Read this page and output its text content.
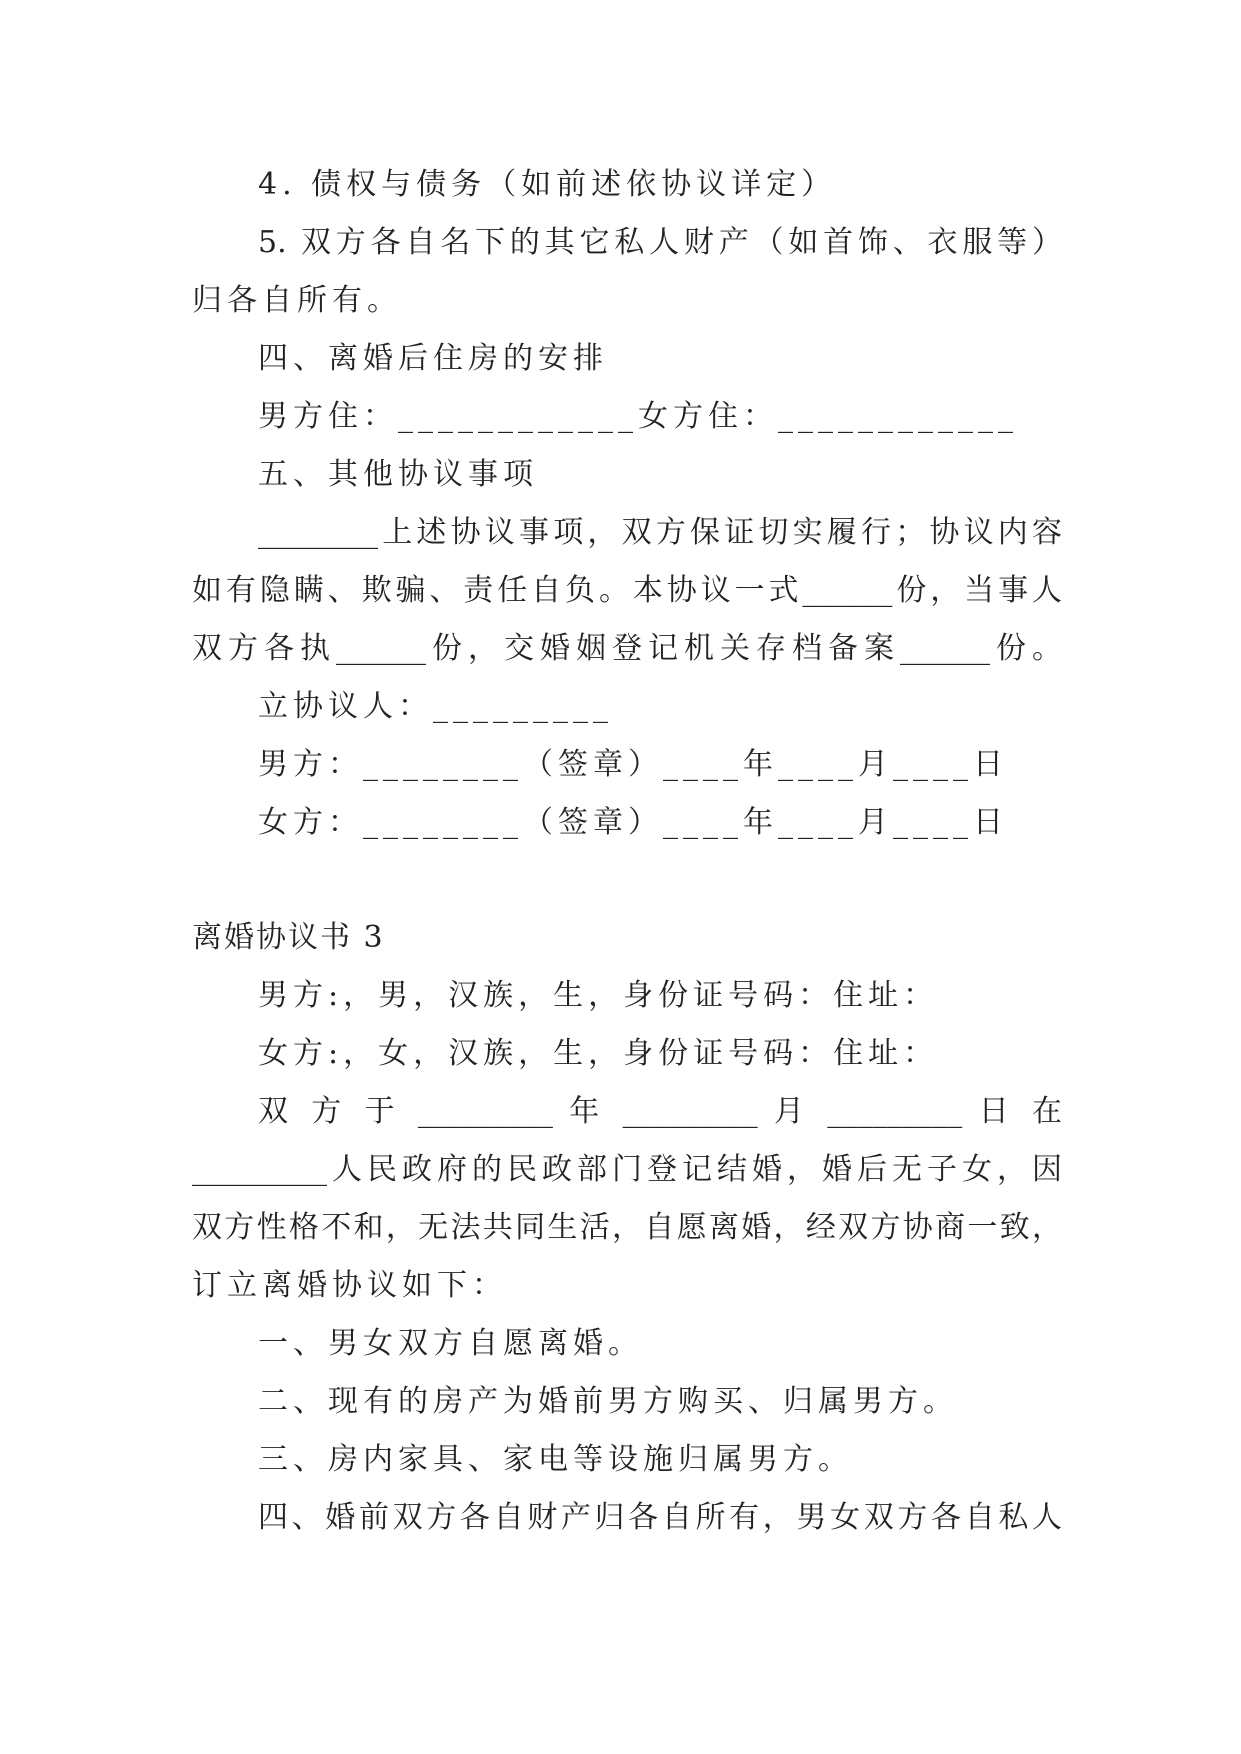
4. 债权与债务（如前述依协议详定）
5. 双方各自名下的其它私人财产（如首饰、衣服等）
归各自所有。
四、离婚后住房的安排
男方住：____________女方住：____________
五、其他协议事项
________上述协议事项，双方保证切实履行；协议内容
如有隐瞒、欺骗、责任自负。本协议一式______份，当事人
双方各执______份，交婚姻登记机关存档备案______份。
立协议人：_________
男方：________（签章）____年____月____日
女方：________（签章）____年____月____日
离婚协议书 3
男方:，男，汉族，生，身份证号码：住址：
女方:，女，汉族，生，身份证号码：住址：
双 方 于 _________ 年 _________ 月 _________ 日 在
_________人民政府的民政部门登记结婚，婚后无子女，因
双方性格不和，无法共同生活，自愿离婚，经双方协商一致，
订立离婚协议如下：
一、男女双方自愿离婚。
二、现有的房产为婚前男方购买、归属男方。
三、房内家具、家电等设施归属男方。
四、婚前双方各自财产归各自所有，男女双方各自私人
